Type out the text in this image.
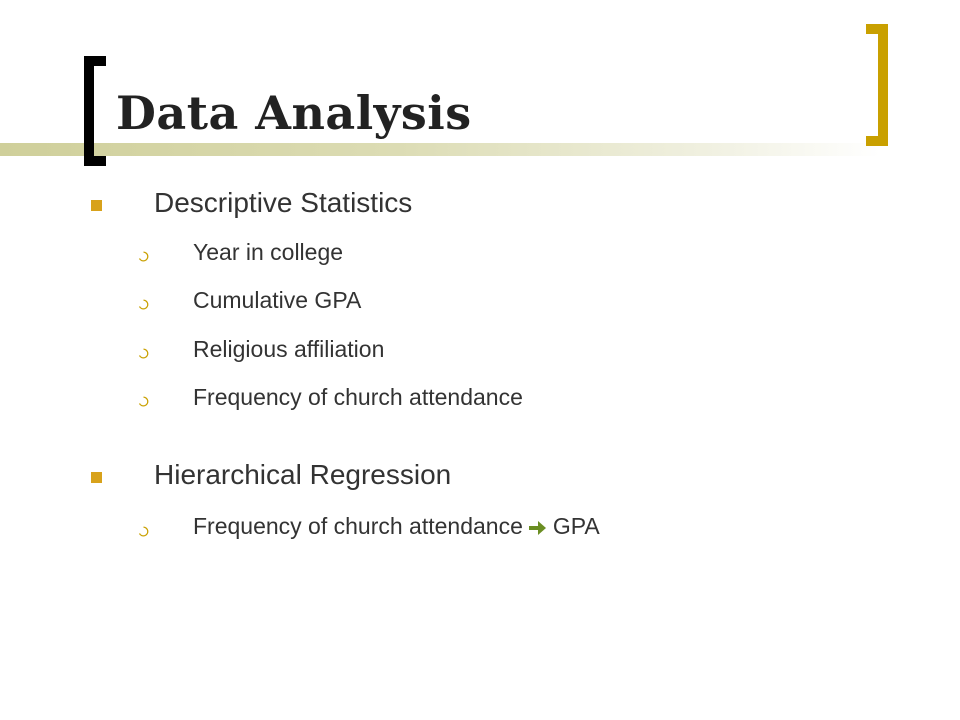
Data Analysis
Descriptive Statistics
Year in college
Cumulative GPA
Religious affiliation
Frequency of church attendance
Hierarchical Regression
Frequency of church attendance GPA
